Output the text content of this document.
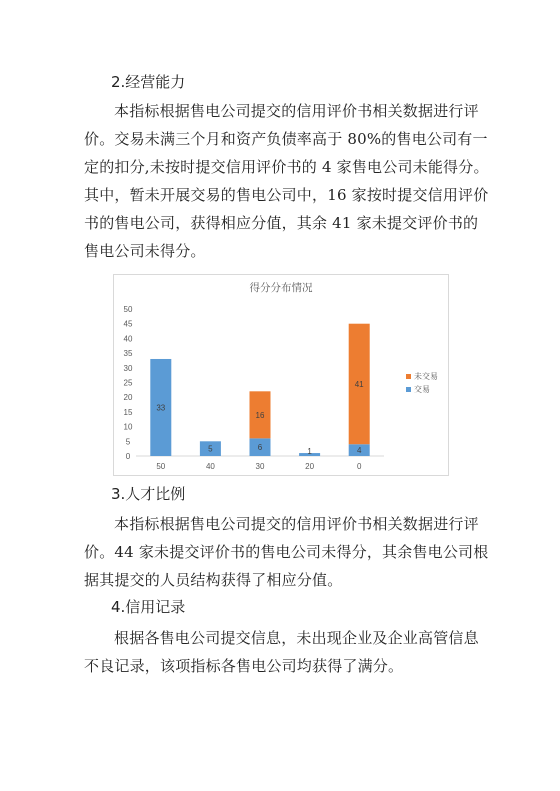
2.经营能力
本指标根据售电公司提交的信用评价书相关数据进行评
价。交易未满三个月和资产负债率高于 80%的售电公司有一
定的扣分,未按时提交信用评价书的 4 家售电公司未能得分。
其中，暂未开展交易的售电公司中，16 家按时提交信用评价
书的售电公司，获得相应分值，其余 41 家未提交评价书的
售电公司未得分。
得分分布情况
0
5
10
15
20
25
30
35
40
45
50
50	40	30	20	0
33
5	6	1	4
16
41
未交易
交易
3.人才比例
本指标根据售电公司提交的信用评价书相关数据进行评
价。44 家未提交评价书的售电公司未得分，其余售电公司根
据其提交的人员结构获得了相应分值。
4.信用记录
根据各售电公司提交信息，未出现企业及企业高管信息
不良记录，该项指标各售电公司均获得了满分。
